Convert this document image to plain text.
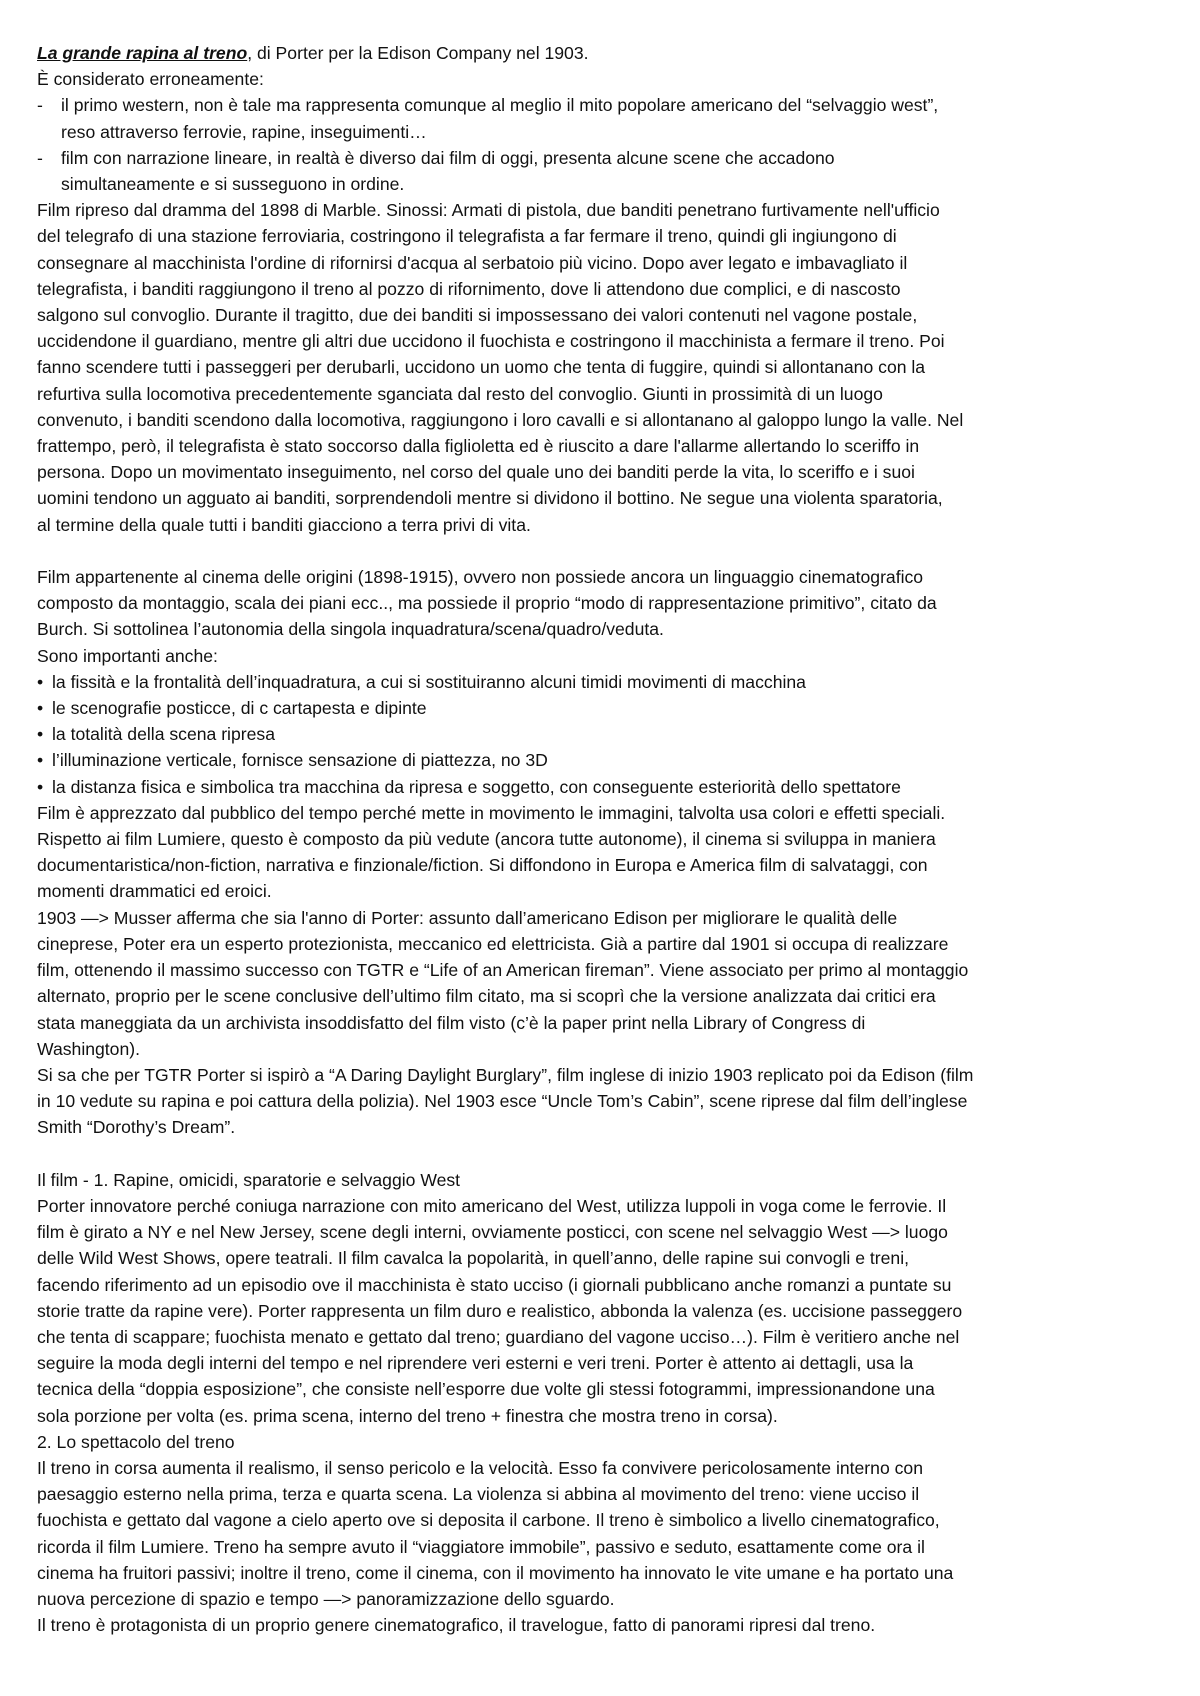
La grande rapina al treno, di Porter per la Edison Company nel 1903.
È considerato erroneamente:
- il primo western, non è tale ma rappresenta comunque al meglio il mito popolare americano del “selvaggio west”,
reso attraverso ferrovie, rapine, inseguimenti…
- film con narrazione lineare, in realtà è diverso dai film di oggi, presenta alcune scene che accadono
simultaneamente e si susseguono in ordine.
Film ripreso dal dramma del 1898 di Marble. Sinossi: Armati di pistola, due banditi penetrano furtivamente nell'ufficio
del telegrafo di una stazione ferroviaria, costringono il telegrafista a far fermare il treno, quindi gli ingiungono di
consegnare al macchinista l'ordine di rifornirsi d'acqua al serbatoio più vicino. Dopo aver legato e imbavagliato il
telegrafista, i banditi raggiungono il treno al pozzo di rifornimento, dove li attendono due complici, e di nascosto
salgono sul convoglio. Durante il tragitto, due dei banditi si impossessano dei valori contenuti nel vagone postale,
uccidendone il guardiano, mentre gli altri due uccidono il fuochista e costringono il macchinista a fermare il treno. Poi
fanno scendere tutti i passeggeri per derubarli, uccidono un uomo che tenta di fuggire, quindi si allontanano con la
refurtiva sulla locomotiva precedentemente sganciata dal resto del convoglio. Giunti in prossimità di un luogo
convenuto, i banditi scendono dalla locomotiva, raggiungono i loro cavalli e si allontanano al galoppo lungo la valle. Nel
frattempo, però, il telegrafista è stato soccorso dalla figlioletta ed è riuscito a dare l'allarme allertando lo sceriffo in
persona. Dopo un movimentato inseguimento, nel corso del quale uno dei banditi perde la vita, lo sceriffo e i suoi
uomini tendono un agguato ai banditi, sorprendendoli mentre si dividono il bottino. Ne segue una violenta sparatoria,
al termine della quale tutti i banditi giacciono a terra privi di vita.
Film appartenente al cinema delle origini (1898-1915), ovvero non possiede ancora un linguaggio cinematografico
composto da montaggio, scala dei piani ecc.., ma possiede il proprio “modo di rappresentazione primitivo”, citato da
Burch. Si sottolinea l’autonomia della singola inquadratura/scena/quadro/veduta.
Sono importanti anche:
• la fissità e la frontalità dell’inquadratura, a cui si sostituiranno alcuni timidi movimenti di macchina
• le scenografie posticce, di c cartapesta e dipinte
• la totalità della scena ripresa
• l’illuminazione verticale, fornisce sensazione di piattezza, no 3D
• la distanza fisica e simbolica tra macchina da ripresa e soggetto, con conseguente esteriorità dello spettatore
Film è apprezzato dal pubblico del tempo perché mette in movimento le immagini, talvolta usa colori e effetti speciali.
Rispetto ai film Lumiere, questo è composto da più vedute (ancora tutte autonome), il cinema si sviluppa in maniera
documentaristica/non-fiction, narrativa e finzionale/fiction. Si diffondono in Europa e America film di salvataggi, con
momenti drammatici ed eroici.
1903 —> Musser afferma che sia l'anno di Porter: assunto dall’americano Edison per migliorare le qualità delle
cineprese, Poter era un esperto protezionista, meccanico ed elettricista. Già a partire dal 1901 si occupa di realizzare
film, ottenendo il massimo successo con TGTR e “Life of an American fireman”. Viene associato per primo al montaggio
alternato, proprio per le scene conclusive dell’ultimo film citato, ma si scoprì che la versione analizzata dai critici era
stata maneggiata da un archivista insoddisfatto del film visto (c’è la paper print nella Library of Congress di
Washington).
Si sa che per TGTR Porter si ispirò a “A Daring Daylight Burglary”, film inglese di inizio 1903 replicato poi da Edison (film
in 10 vedute su rapina e poi cattura della polizia). Nel 1903 esce “Uncle Tom’s Cabin”, scene riprese dal film dell’inglese
Smith “Dorothy’s Dream”.
Il film - 1. Rapine, omicidi, sparatorie e selvaggio West
Porter innovatore perché coniuga narrazione con mito americano del West, utilizza luppoli in voga come le ferrovie. Il
film è girato a NY e nel New Jersey, scene degli interni, ovviamente posticci, con scene nel selvaggio West —> luogo
delle Wild West Shows, opere teatrali. Il film cavalca la popolarità, in quell’anno, delle rapine sui convogli e treni,
facendo riferimento ad un episodio ove il macchinista è stato ucciso (i giornali pubblicano anche romanzi a puntate su
storie tratte da rapine vere). Porter rappresenta un film duro e realistico, abbonda la valenza (es. uccisione passeggero
che tenta di scappare; fuochista menato e gettato dal treno; guardiano del vagone ucciso…). Film è veritiero anche nel
seguire la moda degli interni del tempo e nel riprendere veri esterni e veri treni. Porter è attento ai dettagli, usa la
tecnica della “doppia esposizione”, che consiste nell’esporre due volte gli stessi fotogrammi, impressionandone una
sola porzione per volta (es. prima scena, interno del treno + finestra che mostra treno in corsa).
2. Lo spettacolo del treno
Il treno in corsa aumenta il realismo, il senso pericolo e la velocità. Esso fa convivere pericolosamente interno con
paesaggio esterno nella prima, terza e quarta scena. La violenza si abbina al movimento del treno: viene ucciso il
fuochista e gettato dal vagone a cielo aperto ove si deposita il carbone. Il treno è simbolico a livello cinematografico,
ricorda il film Lumiere. Treno ha sempre avuto il “viaggiatore immobile”, passivo e seduto, esattamente come ora il
cinema ha fruitori passivi; inoltre il treno, come il cinema, con il movimento ha innovato le vite umane e ha portato una
nuova percezione di spazio e tempo —> panoramizzazione dello sguardo.
Il treno è protagonista di un proprio genere cinematografico, il travelogue, fatto di panorami ripresi dal treno.
